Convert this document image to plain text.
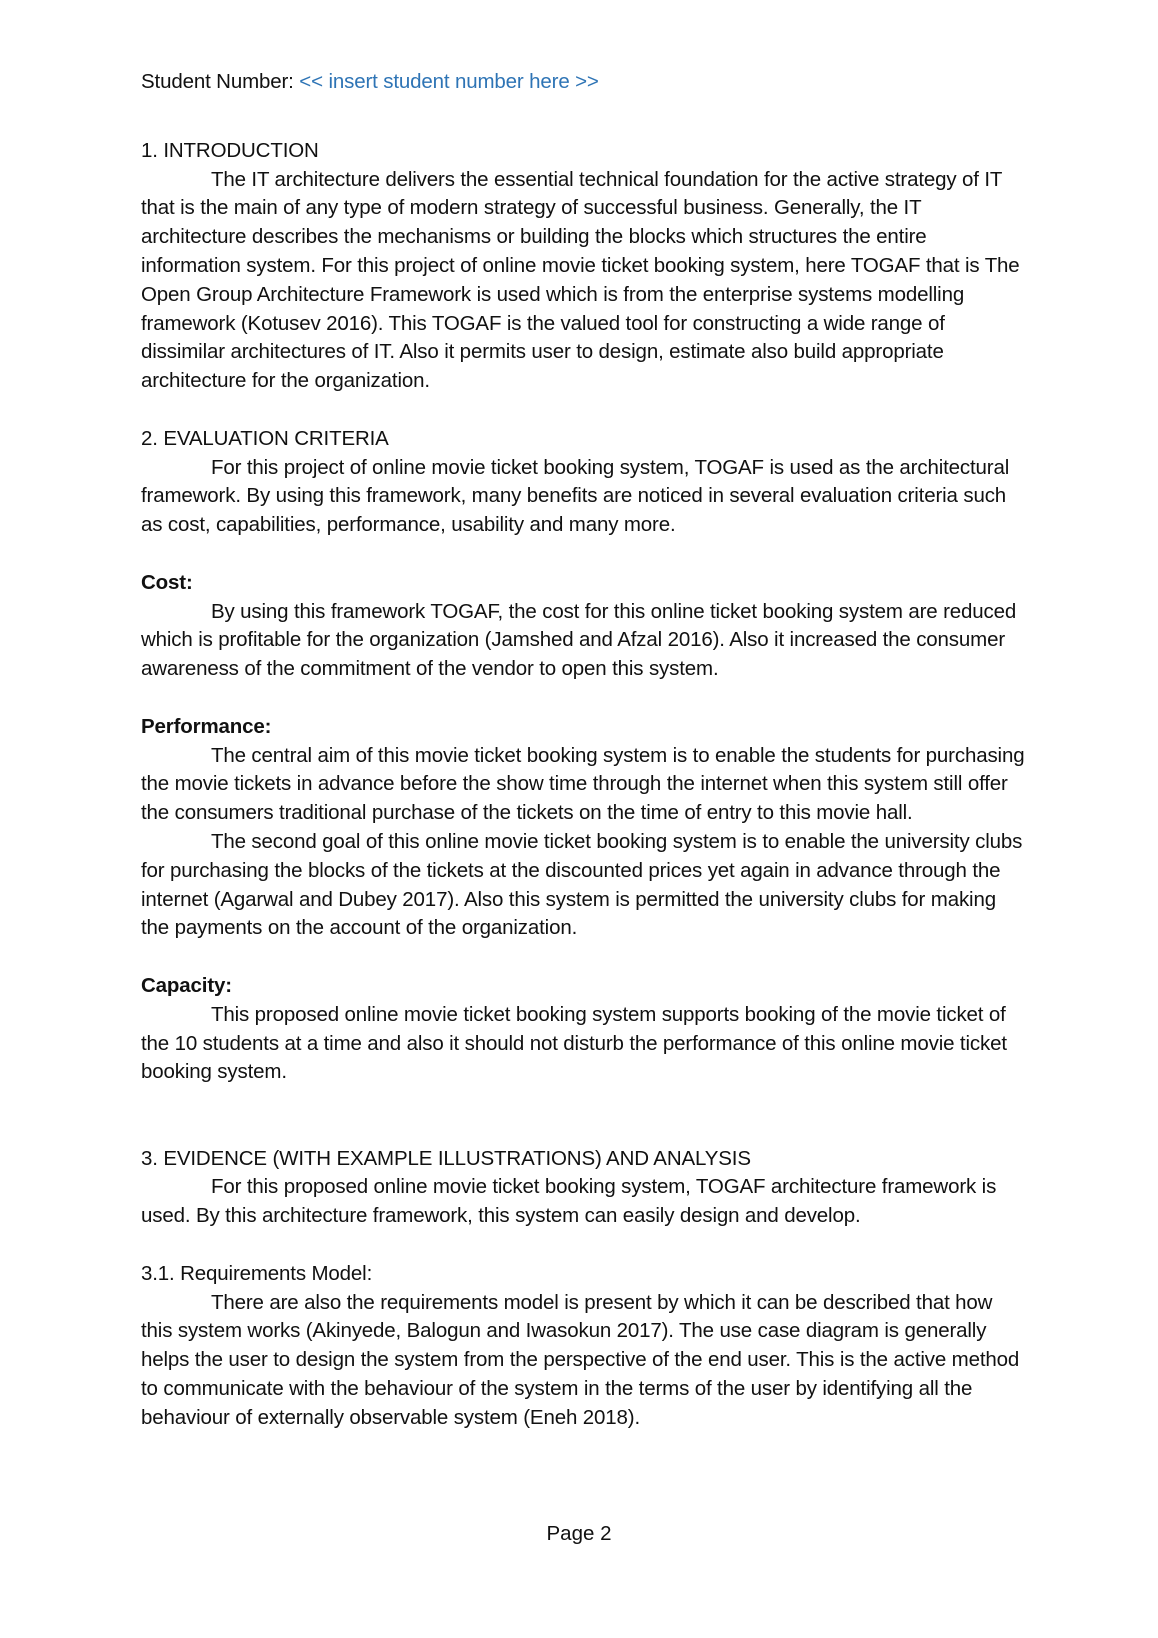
Student Number: << insert student number here >>

1. INTRODUCTION

The IT architecture delivers the essential technical foundation for the active strategy of IT that is the main of any type of modern strategy of successful business. Generally, the IT architecture describes the mechanisms or building the blocks which structures the entire information system. For this project of online movie ticket booking system, here TOGAF that is The Open Group Architecture Framework is used which is from the enterprise systems modelling framework (Kotusev 2016). This TOGAF is the valued tool for constructing a wide range of dissimilar architectures of IT. Also it permits user to design, estimate also build appropriate architecture for the organization.

2. EVALUATION CRITERIA

For this project of online movie ticket booking system, TOGAF is used as the architectural framework. By using this framework, many benefits are noticed in several evaluation criteria such as cost, capabilities, performance, usability and many more.

Cost:

By using this framework TOGAF, the cost for this online ticket booking system are reduced which is profitable for the organization (Jamshed and Afzal 2016). Also it increased the consumer awareness of the commitment of the vendor to open this system.

Performance:

The central aim of this movie ticket booking system is to enable the students for purchasing the movie tickets in advance before the show time through the internet when this system still offer the consumers traditional purchase of the tickets on the time of entry to this movie hall.

The second goal of this online movie ticket booking system is to enable the university clubs for purchasing the blocks of the tickets at the discounted prices yet again in advance through the internet (Agarwal and Dubey 2017). Also this system is permitted the university clubs for making the payments on the account of the organization.

Capacity:

This proposed online movie ticket booking system supports booking of the movie ticket of the 10 students at a time and also it should not disturb the performance of this online movie ticket booking system.

3. EVIDENCE (WITH EXAMPLE ILLUSTRATIONS) AND ANALYSIS

For this proposed online movie ticket booking system, TOGAF architecture framework is used. By this architecture framework, this system can easily design and develop.

3.1. Requirements Model:

There are also the requirements model is present by which it can be described that how this system works (Akinyede, Balogun and Iwasokun 2017). The use case diagram is generally helps the user to design the system from the perspective of the end user. This is the active method to communicate with the behaviour of the system in the terms of the user by identifying all the behaviour of externally observable system (Eneh 2018).

Page 2
